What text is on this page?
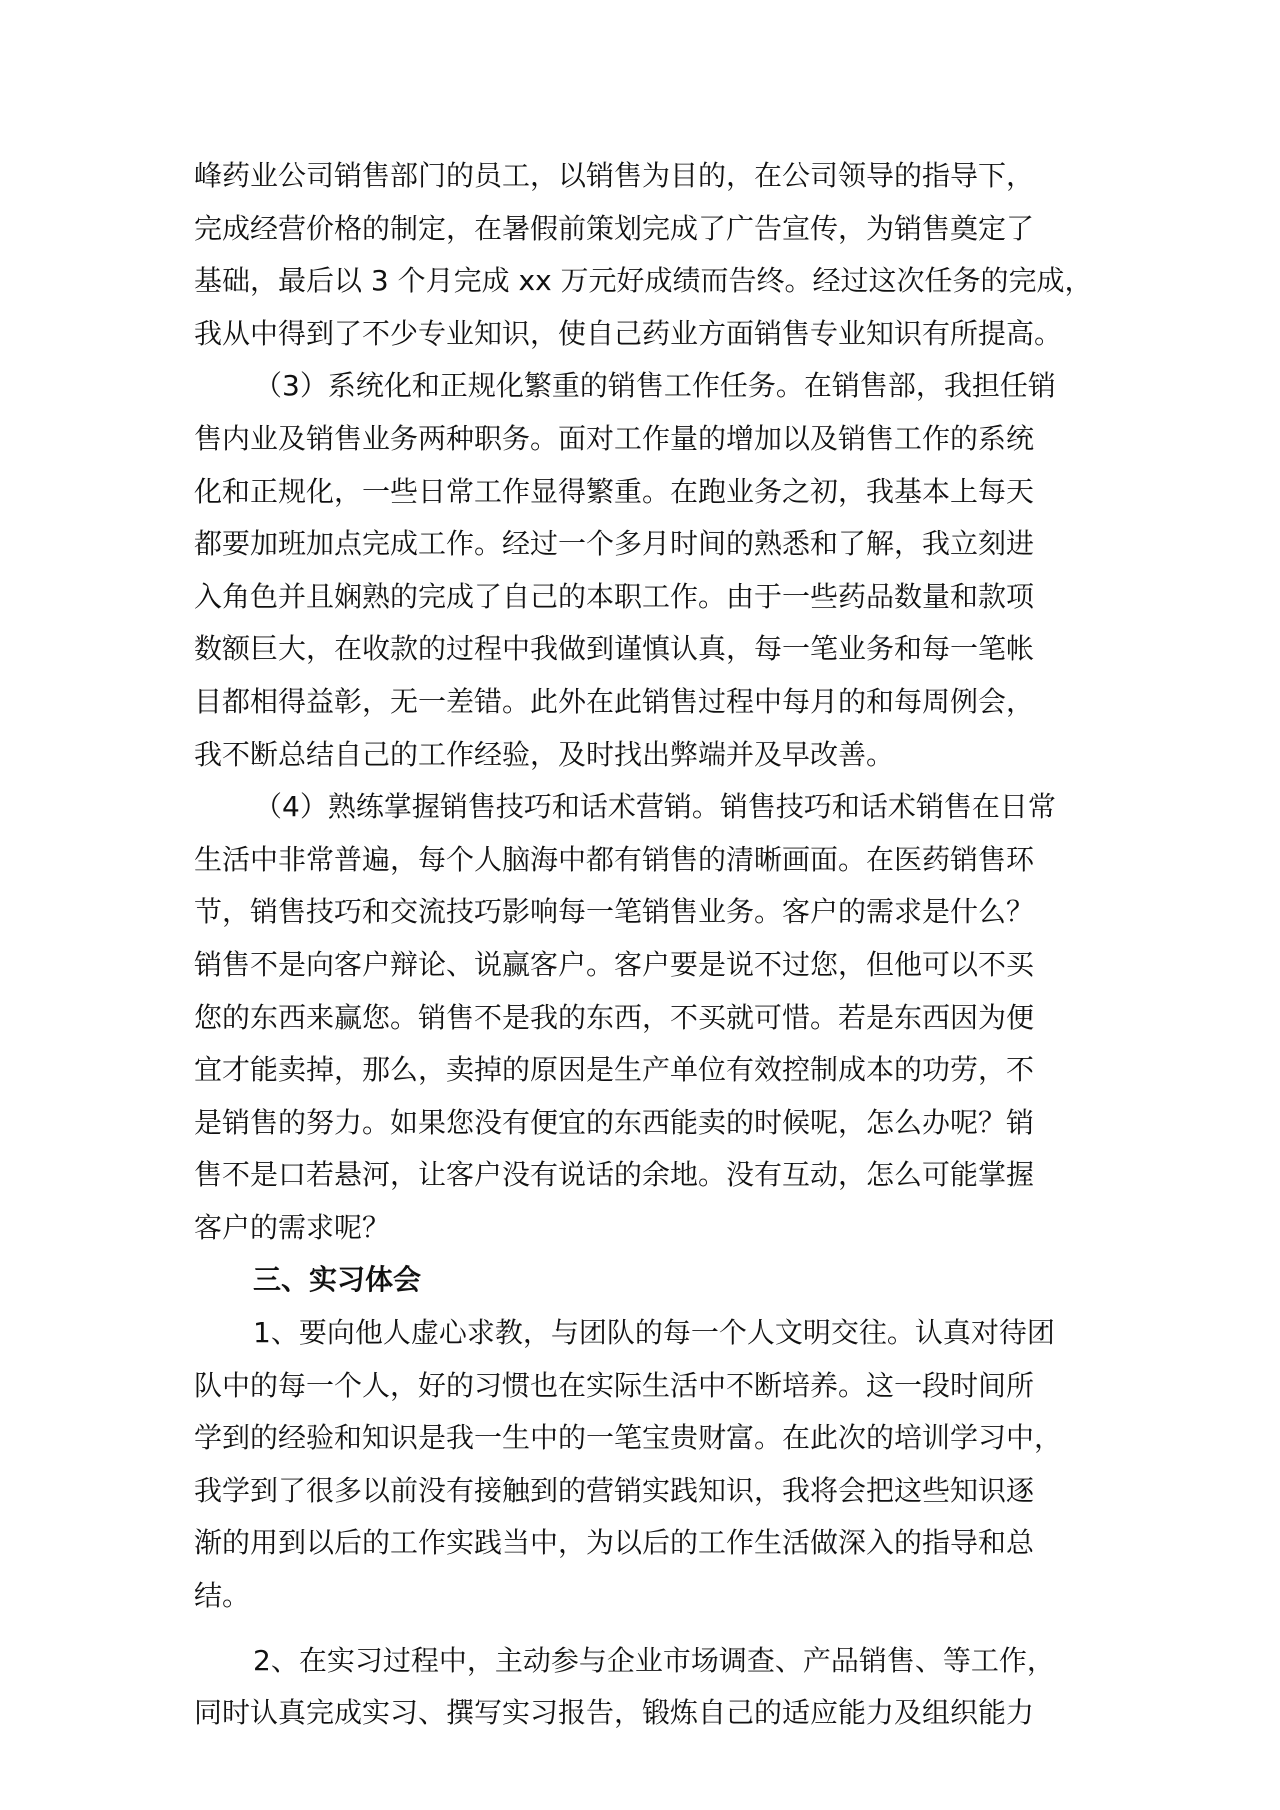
峰药业公司销售部门的员工，以销售为目的，在公司领导的指导下，
完成经营价格的制定，在暑假前策划完成了广告宣传，为销售奠定了
基础，最后以 3 个月完成 xx 万元好成绩而告终。经过这次任务的完成，
我从中得到了不少专业知识，使自己药业方面销售专业知识有所提高。
（3）系统化和正规化繁重的销售工作任务。在销售部，我担任销
售内业及销售业务两种职务。面对工作量的增加以及销售工作的系统
化和正规化，一些日常工作显得繁重。在跑业务之初，我基本上每天
都要加班加点完成工作。经过一个多月时间的熟悉和了解，我立刻进
入角色并且娴熟的完成了自己的本职工作。由于一些药品数量和款项
数额巨大，在收款的过程中我做到谨慎认真，每一笔业务和每一笔帐
目都相得益彰，无一差错。此外在此销售过程中每月的和每周例会，
我不断总结自己的工作经验，及时找出弊端并及早改善。
（4）熟练掌握销售技巧和话术营销。销售技巧和话术销售在日常
生活中非常普遍，每个人脑海中都有销售的清晰画面。在医药销售环
节，销售技巧和交流技巧影响每一笔销售业务。客户的需求是什么？
销售不是向客户辩论、说赢客户。客户要是说不过您，但他可以不买
您的东西来赢您。销售不是我的东西，不买就可惜。若是东西因为便
宜才能卖掉，那么，卖掉的原因是生产单位有效控制成本的功劳，不
是销售的努力。如果您没有便宜的东西能卖的时候呢，怎么办呢？销
售不是口若悬河，让客户没有说话的余地。没有互动，怎么可能掌握
客户的需求呢？
三、实习体会
1、要向他人虚心求教，与团队的每一个人文明交往。认真对待团
队中的每一个人，好的习惯也在实际生活中不断培养。这一段时间所
学到的经验和知识是我一生中的一笔宝贵财富。在此次的培训学习中，
我学到了很多以前没有接触到的营销实践知识，我将会把这些知识逐
渐的用到以后的工作实践当中，为以后的工作生活做深入的指导和总
结。
2、在实习过程中，主动参与企业市场调查、产品销售、等工作，
同时认真完成实习、撰写实习报告，锻炼自己的适应能力及组织能力
